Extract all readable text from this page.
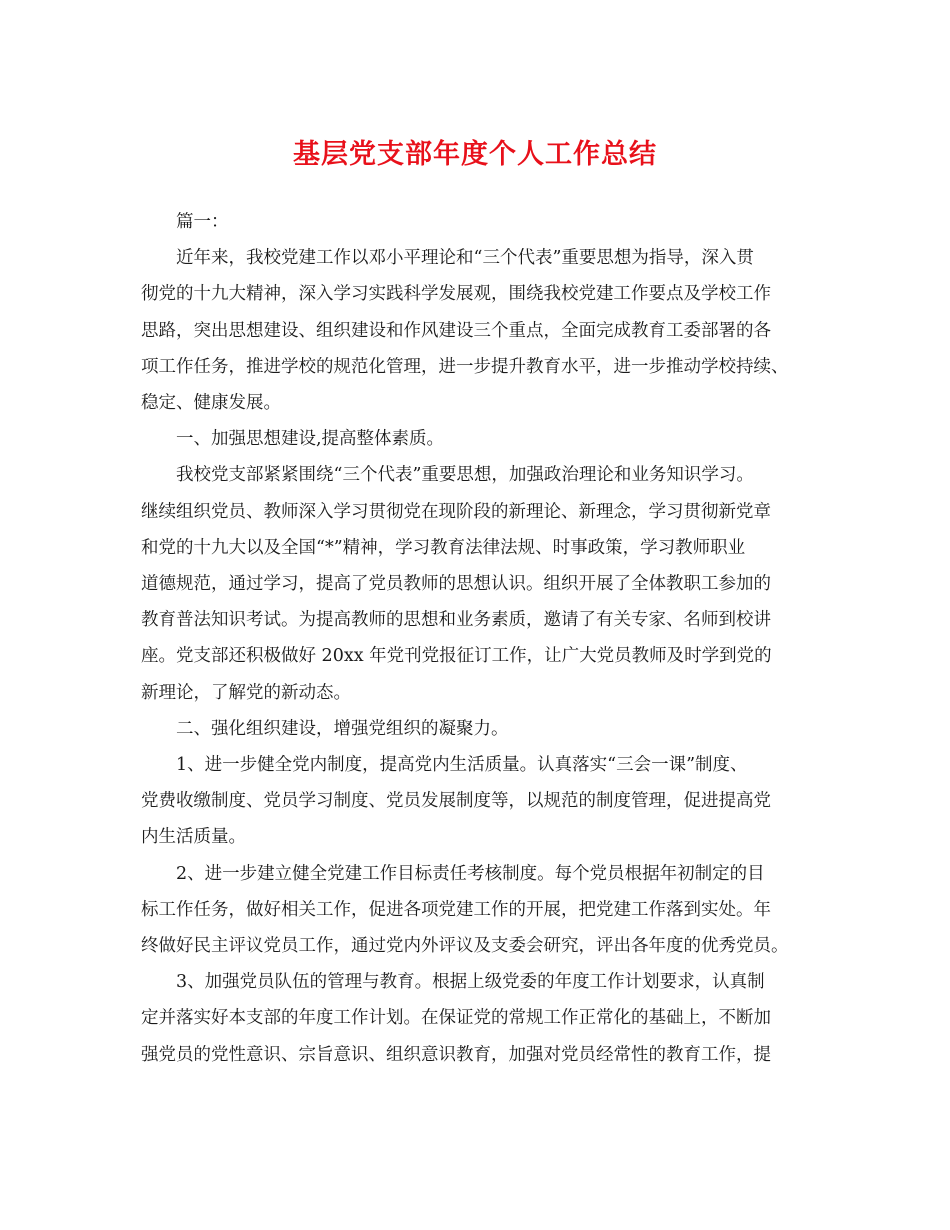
基层党支部年度个人工作总结
篇一：
近年来，我校党建工作以邓小平理论和“三个代表”重要思想为指导，深入贯
彻党的十九大精神，深入学习实践科学发展观，围绕我校党建工作要点及学校工作
思路，突出思想建设、组织建设和作风建设三个重点，全面完成教育工委部署的各
项工作任务，推进学校的规范化管理，进一步提升教育水平，进一步推动学校持续、
稳定、健康发展。
一、加强思想建设,提高整体素质。
我校党支部紧紧围绕“三个代表”重要思想，加强政治理论和业务知识学习。
继续组织党员、教师深入学习贯彻党在现阶段的新理论、新理念，学习贯彻新党章
和党的十九大以及全国“*”精神，学习教育法律法规、时事政策，学习教师职业
道德规范，通过学习，提高了党员教师的思想认识。组织开展了全体教职工参加的
教育普法知识考试。为提高教师的思想和业务素质，邀请了有关专家、名师到校讲
座。党支部还积极做好 20xx 年党刊党报征订工作，让广大党员教师及时学到党的
新理论，了解党的新动态。
二、强化组织建设，增强党组织的凝聚力。
1、进一步健全党内制度，提高党内生活质量。认真落实“三会一课”制度、
党费收缴制度、党员学习制度、党员发展制度等，以规范的制度管理，促进提高党
内生活质量。
2、进一步建立健全党建工作目标责任考核制度。每个党员根据年初制定的目
标工作任务，做好相关工作，促进各项党建工作的开展，把党建工作落到实处。年
终做好民主评议党员工作，通过党内外评议及支委会研究，评出各年度的优秀党员。
3、加强党员队伍的管理与教育。根据上级党委的年度工作计划要求，认真制
定并落实好本支部的年度工作计划。在保证党的常规工作正常化的基础上，不断加
强党员的党性意识、宗旨意识、组织意识教育，加强对党员经常性的教育工作，提
